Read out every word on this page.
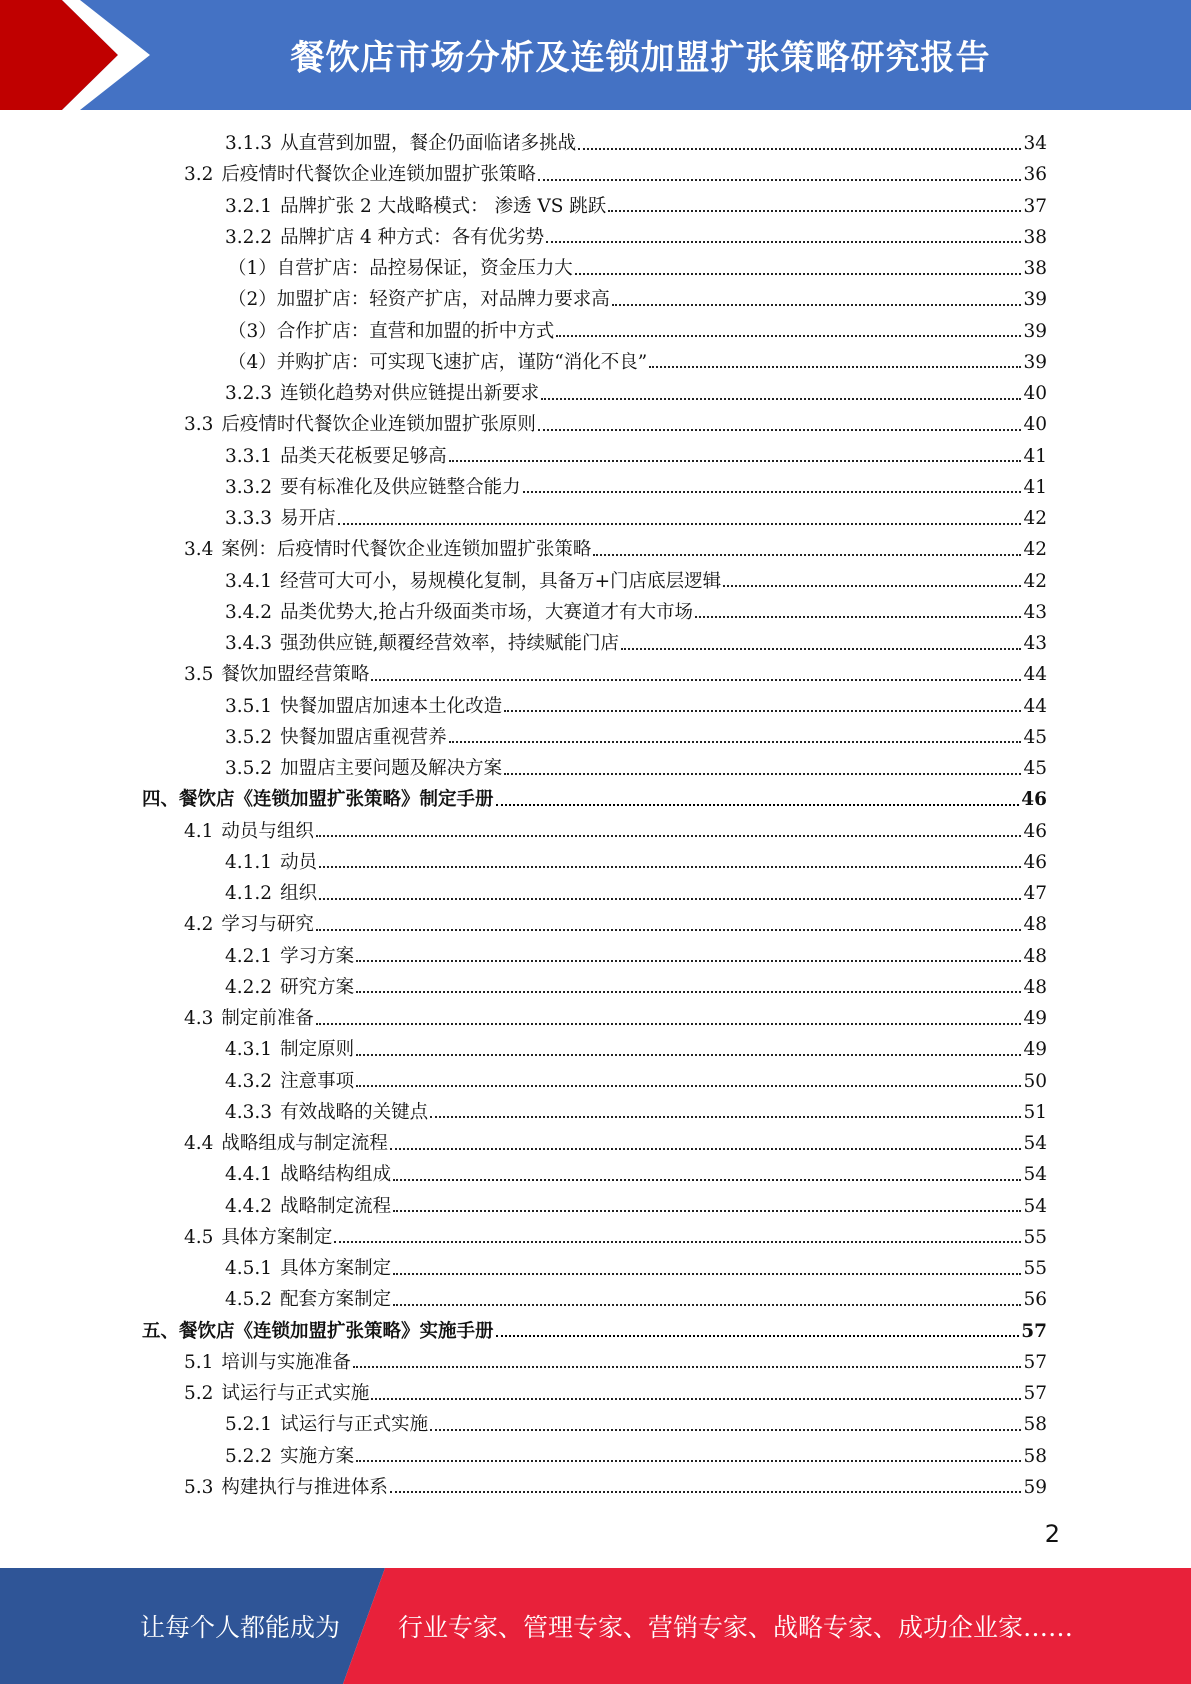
餐饮店市场分析及连锁加盟扩张策略研究报告
3.1.3 从直营到加盟，餐企仍面临诸多挑战	34
3.2 后疫情时代餐饮企业连锁加盟扩张策略	36
3.2.1 品牌扩张 2 大战略模式： 渗透 VS 跳跃	37
3.2.2 品牌扩店 4 种方式：各有优劣势	38
（1） 自营扩店：品控易保证，资金压力大	38
（2） 加盟扩店：轻资产扩店，对品牌力要求高	39
（3） 合作扩店：直营和加盟的折中方式	39
（4） 并购扩店：可实现飞速扩店，谨防“消化不良”	39
3.2.3 连锁化趋势对供应链提出新要求	40
3.3 后疫情时代餐饮企业连锁加盟扩张原则	40
3.3.1 品类天花板要足够高	41
3.3.2 要有标准化及供应链整合能力	41
3.3.3 易开店	42
3.4 案例：后疫情时代餐饮企业连锁加盟扩张策略	42
3.4.1 经营可大可小，易规模化复制，具备万+门店底层逻辑	42
3.4.2 品类优势大,抢占升级面类市场，大赛道才有大市场	43
3.4.3 强劲供应链,颠覆经营效率，持续赋能门店	43
3.5 餐饮加盟经营策略	44
3.5.1 快餐加盟店加速本土化改造	44
3.5.2 快餐加盟店重视营养	45
3.5.2 加盟店主要问题及解决方案	45
四、 餐饮店《连锁加盟扩张策略》制定手册	46
4.1 动员与组织	46
4.1.1 动员	46
4.1.2 组织	47
4.2 学习与研究	48
4.2.1 学习方案	48
4.2.2 研究方案	48
4.3 制定前准备	49
4.3.1 制定原则	49
4.3.2 注意事项	50
4.3.3 有效战略的关键点	51
4.4 战略组成与制定流程	54
4.4.1 战略结构组成	54
4.4.2 战略制定流程	54
4.5 具体方案制定	55
4.5.1 具体方案制定	55
4.5.2 配套方案制定	56
五、 餐饮店《连锁加盟扩张策略》实施手册	57
5.1 培训与实施准备	57
5.2 试运行与正式实施	57
5.2.1 试运行与正式实施	58
5.2.2 实施方案	58
5.3 构建执行与推进体系	59
2
让每个人都能成为 行业专家、管理专家、营销专家、战略专家、成功企业家……
